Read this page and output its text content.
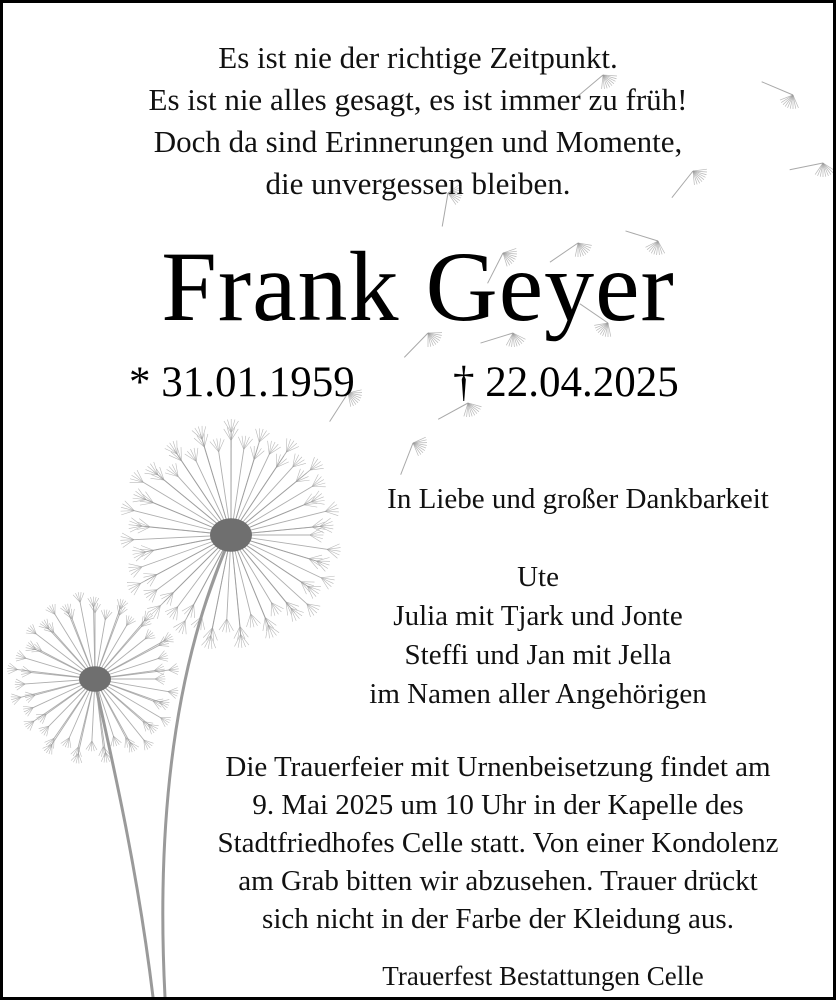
Es ist nie der richtige Zeitpunkt.
Es ist nie alles gesagt, es ist immer zu früh!
Doch da sind Erinnerungen und Momente,
die unvergessen bleiben.
Frank Geyer
* 31.01.1959 † 22.04.2025
In Liebe und großer Dankbarkeit
Ute
Julia mit Tjark und Jonte
Steffi und Jan mit Jella
im Namen aller Angehörigen
Die Trauerfeier mit Urnenbeisetzung findet am
9. Mai 2025 um 10 Uhr in der Kapelle des
Stadtfriedhofes Celle statt. Von einer Kondolenz
am Grab bitten wir abzusehen. Trauer drückt
sich nicht in der Farbe der Kleidung aus.
Trauerfest Bestattungen Celle
